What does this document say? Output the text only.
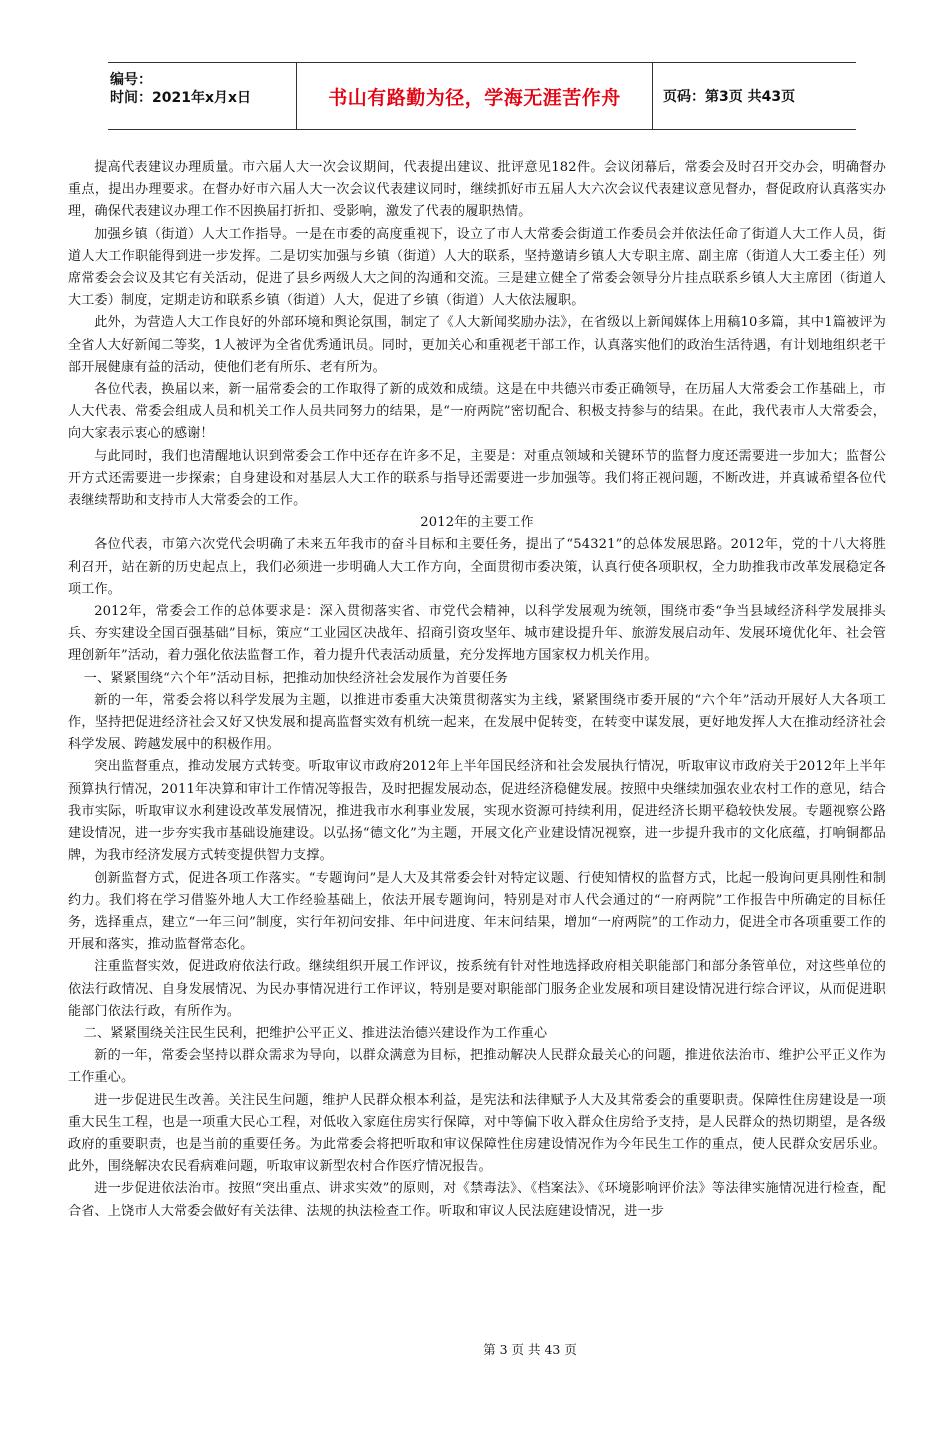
编号：
时间：2021年x月x日	书山有路勤为径，学海无涯苦作舟	页码：第3页 共43页

提高代表建议办理质量。市六届人大一次会议期间，代表提出建议、批评意见182件。会议闭幕后，常委会及时召开交办会，明确督办重点，提出办理要求。在督办好市六届人大一次会议代表建议同时，继续抓好市五届人大六次会议代表建议意见督办，督促政府认真落实办理，确保代表建议办理工作不因换届打折扣、受影响，激发了代表的履职热情。

加强乡镇（街道）人大工作指导。一是在市委的高度重视下，设立了市人大常委会街道工作委员会并依法任命了街道人大工作人员，街道人大工作职能得到进一步发挥。二是切实加强与乡镇（街道）人大的联系，坚持邀请乡镇人大专职主席、副主席（街道人大工委主任）列席常委会会议及其它有关活动，促进了县乡两级人大之间的沟通和交流。三是建立健全了常委会领导分片挂点联系乡镇人大主席团（街道人大工委）制度，定期走访和联系乡镇（街道）人大，促进了乡镇（街道）人大依法履职。

此外，为营造人大工作良好的外部环境和舆论氛围，制定了《人大新闻奖励办法》，在省级以上新闻媒体上用稿10多篇，其中1篇被评为全省人大好新闻二等奖，1人被评为全省优秀通讯员。同时，更加关心和重视老干部工作，认真落实他们的政治生活待遇，有计划地组织老干部开展健康有益的活动，使他们老有所乐、老有所为。

各位代表，换届以来，新一届常委会的工作取得了新的成效和成绩。这是在中共德兴市委正确领导，在历届人大常委会工作基础上，市人大代表、常委会组成人员和机关工作人员共同努力的结果，是“一府两院”密切配合、积极支持参与的结果。在此，我代表市人大常委会，向大家表示衷心的感谢！

与此同时，我们也清醒地认识到常委会工作中还存在许多不足，主要是：对重点领域和关键环节的监督力度还需要进一步加大；监督公开方式还需要进一步探索；自身建设和对基层人大工作的联系与指导还需要进一步加强等。我们将正视问题，不断改进，并真诚希望各位代表继续帮助和支持市人大常委会的工作。

2012年的主要工作

各位代表，市第六次党代会明确了未来五年我市的奋斗目标和主要任务，提出了“54321”的总体发展思路。2012年，党的十八大将胜利召开，站在新的历史起点上，我们必须进一步明确人大工作方向，全面贯彻市委决策，认真行使各项职权，全力助推我市改革发展稳定各项工作。

2012年，常委会工作的总体要求是：深入贯彻落实省、市党代会精神，以科学发展观为统领，围绕市委“争当县域经济科学发展排头兵、夯实建设全国百强基础”目标，策应“工业园区决战年、招商引资攻坚年、城市建设提升年、旅游发展启动年、发展环境优化年、社会管理创新年”活动，着力强化依法监督工作，着力提升代表活动质量，充分发挥地方国家权力机关作用。

一、紧紧围绕“六个年”活动目标，把推动加快经济社会发展作为首要任务

新的一年，常委会将以科学发展为主题，以推进市委重大决策贯彻落实为主线，紧紧围绕市委开展的“六个年”活动开展好人大各项工作，坚持把促进经济社会又好又快发展和提高监督实效有机统一起来，在发展中促转变，在转变中谋发展，更好地发挥人大在推动经济社会科学发展、跨越发展中的积极作用。

突出监督重点，推动发展方式转变。听取审议市政府2012年上半年国民经济和社会发展执行情况，听取审议市政府关于2012年上半年预算执行情况，2011年决算和审计工作情况等报告，及时把握发展动态，促进经济稳健发展。按照中央继续加强农业农村工作的意见，结合我市实际，听取审议水利建设改革发展情况，推进我市水利事业发展，实现水资源可持续利用，促进经济长期平稳较快发展。专题视察公路建设情况，进一步夯实我市基础设施建设。以弘扬“德文化”为主题，开展文化产业建设情况视察，进一步提升我市的文化底蕴，打响铜都品牌，为我市经济发展方式转变提供智力支撑。

创新监督方式，促进各项工作落实。“专题询问”是人大及其常委会针对特定议题、行使知情权的监督方式，比起一般询问更具刚性和制约力。我们将在学习借鉴外地人大工作经验基础上，依法开展专题询问，特别是对市人代会通过的“一府两院”工作报告中所确定的目标任务，选择重点，建立“一年三问”制度，实行年初问安排、年中问进度、年末问结果，增加“一府两院”的工作动力，促进全市各项重要工作的开展和落实，推动监督常态化。

注重监督实效，促进政府依法行政。继续组织开展工作评议，按系统有针对性地选择政府相关职能部门和部分条管单位，对这些单位的依法行政情况、自身发展情况、为民办事情况进行工作评议，特别是要对职能部门服务企业发展和项目建设情况进行综合评议，从而促进职能部门依法行政，有所作为。

二、紧紧围绕关注民生民利，把维护公平正义、推进法治德兴建设作为工作重心

新的一年，常委会坚持以群众需求为导向，以群众满意为目标，把推动解决人民群众最关心的问题，推进依法治市、维护公平正义作为工作重心。

进一步促进民生改善。关注民生问题，维护人民群众根本利益，是宪法和法律赋予人大及其常委会的重要职责。保障性住房建设是一项重大民生工程，也是一项重大民心工程，对低收入家庭住房实行保障，对中等偏下收入群众住房给予支持，是人民群众的热切期望，是各级政府的重要职责，也是当前的重要任务。为此常委会将把听取和审议保障性住房建设情况作为今年民生工作的重点，使人民群众安居乐业。此外，围绕解决农民看病难问题，听取审议新型农村合作医疗情况报告。

进一步促进依法治市。按照“突出重点、讲求实效”的原则，对《禁毒法》、《档案法》、《环境影响评价法》等法律实施情况进行检查，配合省、上饶市人大常委会做好有关法律、法规的执法检查工作。听取和审议人民法庭建设情况，进一步

第 3 页 共 43 页
